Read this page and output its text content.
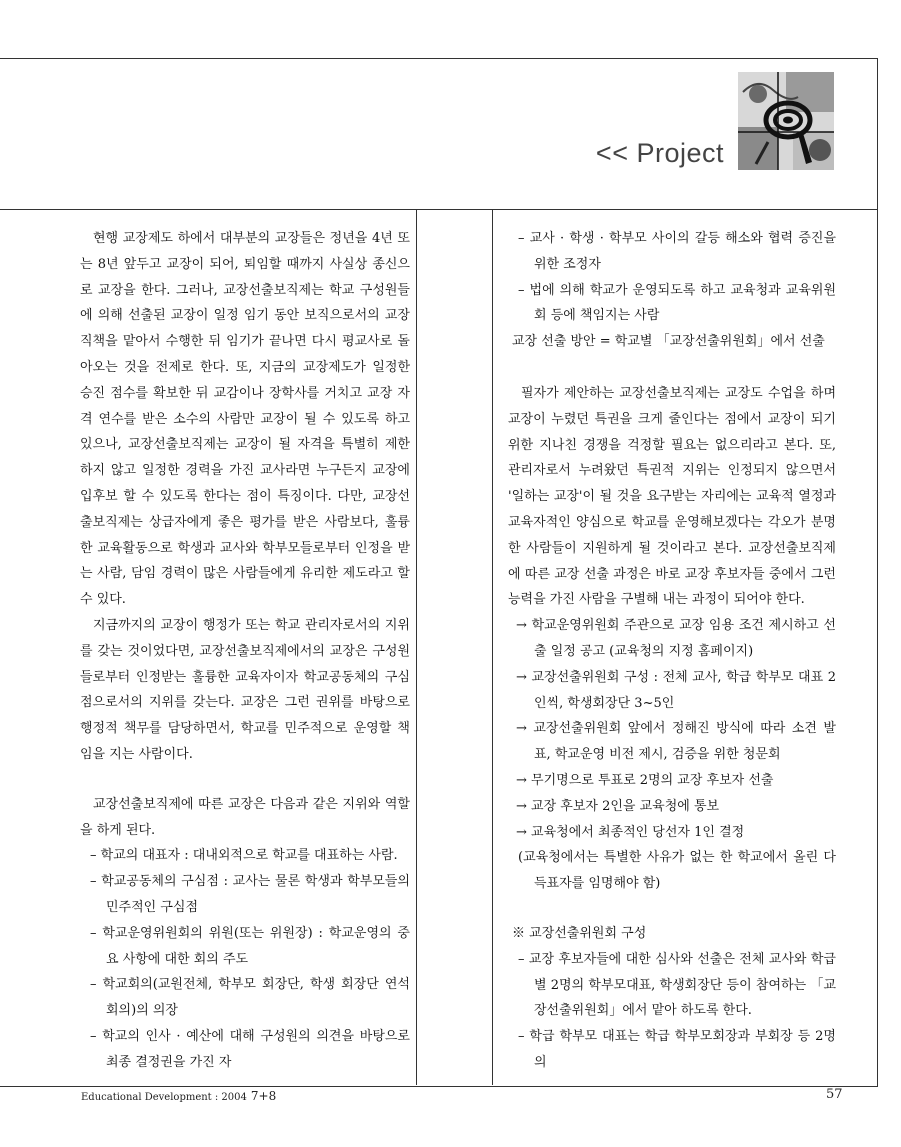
<< Project

현행 교장제도 하에서 대부분의 교장들은 정년을 4년 또는 8년 앞두고 교장이 되어, 퇴임할 때까지 사실상 종신으로 교장을 한다. 그러나, 교장선출보직제는 학교 구성원들에 의해 선출된 교장이 일정 임기 동안 보직으로서의 교장 직책을 맡아서 수행한 뒤 임기가 끝나면 다시 평교사로 돌아오는 것을 전제로 한다. 또, 지금의 교장제도가 일정한 승진 점수를 확보한 뒤 교감이나 장학사를 거치고 교장 자격 연수를 받은 소수의 사람만 교장이 될 수 있도록 하고 있으나, 교장선출보직제는 교장이 될 자격을 특별히 제한하지 않고 일정한 경력을 가진 교사라면 누구든지 교장에 입후보 할 수 있도록 한다는 점이 특징이다. 다만, 교장선출보직제는 상급자에게 좋은 평가를 받은 사람보다, 훌륭한 교육활동으로 학생과 교사와 학부모들로부터 인정을 받는 사람, 담임 경력이 많은 사람들에게 유리한 제도라고 할 수 있다.

지금까지의 교장이 행정가 또는 학교 관리자로서의 지위를 갖는 것이었다면, 교장선출보직제에서의 교장은 구성원들로부터 인정받는 훌륭한 교육자이자 학교공동체의 구심점으로서의 지위를 갖는다. 교장은 그런 권위를 바탕으로 행정적 책무를 담당하면서, 학교를 민주적으로 운영할 책임을 지는 사람이다.

교장선출보직제에 따른 교장은 다음과 같은 지위와 역할을 하게 된다.

– 학교의 대표자 : 대내외적으로 학교를 대표하는 사람.

– 학교공동체의 구심점 : 교사는 물론 학생과 학부모들의 민주적인 구심점

– 학교운영위원회의 위원(또는 위원장) : 학교운영의 중요 사항에 대한 회의 주도

– 학교회의(교원전체, 학부모 회장단, 학생 회장단 연석 회의)의 의장

– 학교의 인사 · 예산에 대해 구성원의 의견을 바탕으로 최종 결정권을 가진 자

– 교사 · 학생 · 학부모 사이의 갈등 해소와 협력 증진을 위한 조정자

– 법에 의해 학교가 운영되도록 하고 교육청과 교육위원회 등에 책임지는 사람

교장 선출 방안 = 학교별 「교장선출위원회」에서 선출

필자가 제안하는 교장선출보직제는 교장도 수업을 하며 교장이 누렸던 특권을 크게 줄인다는 점에서 교장이 되기 위한 지나친 경쟁을 걱정할 필요는 없으리라고 본다. 또, 관리자로서 누려왔던 특권적 지위는 인정되지 않으면서 '일하는 교장'이 될 것을 요구받는 자리에는 교육적 열정과 교육자적인 양심으로 학교를 운영해보겠다는 각오가 분명한 사람들이 지원하게 될 것이라고 본다. 교장선출보직제에 따른 교장 선출 과정은 바로 교장 후보자들 중에서 그런 능력을 가진 사람을 구별해 내는 과정이 되어야 한다.

→ 학교운영위원회 주관으로 교장 임용 조건 제시하고 선출 일정 공고 (교육청의 지정 홈페이지)

→ 교장선출위원회 구성 : 전체 교사, 학급 학부모 대표 2인씩, 학생회장단 3~5인

→ 교장선출위원회 앞에서 정해진 방식에 따라 소견 발표, 학교운영 비전 제시, 검증을 위한 청문회

→ 무기명으로 투표로 2명의 교장 후보자 선출

→ 교장 후보자 2인을 교육청에 통보

→ 교육청에서 최종적인 당선자 1인 결정

(교육청에서는 특별한 사유가 없는 한 학교에서 올린 다득표자를 임명해야 함)

※ 교장선출위원회 구성

– 교장 후보자들에 대한 심사와 선출은 전체 교사와 학급별 2명의 학부모대표, 학생회장단 등이 참여하는 「교장선출위원회」에서 맡아 하도록 한다.

– 학급 학부모 대표는 학급 학부모회장과 부회장 등 2명의

Educational Development : 2004 7+8	57
